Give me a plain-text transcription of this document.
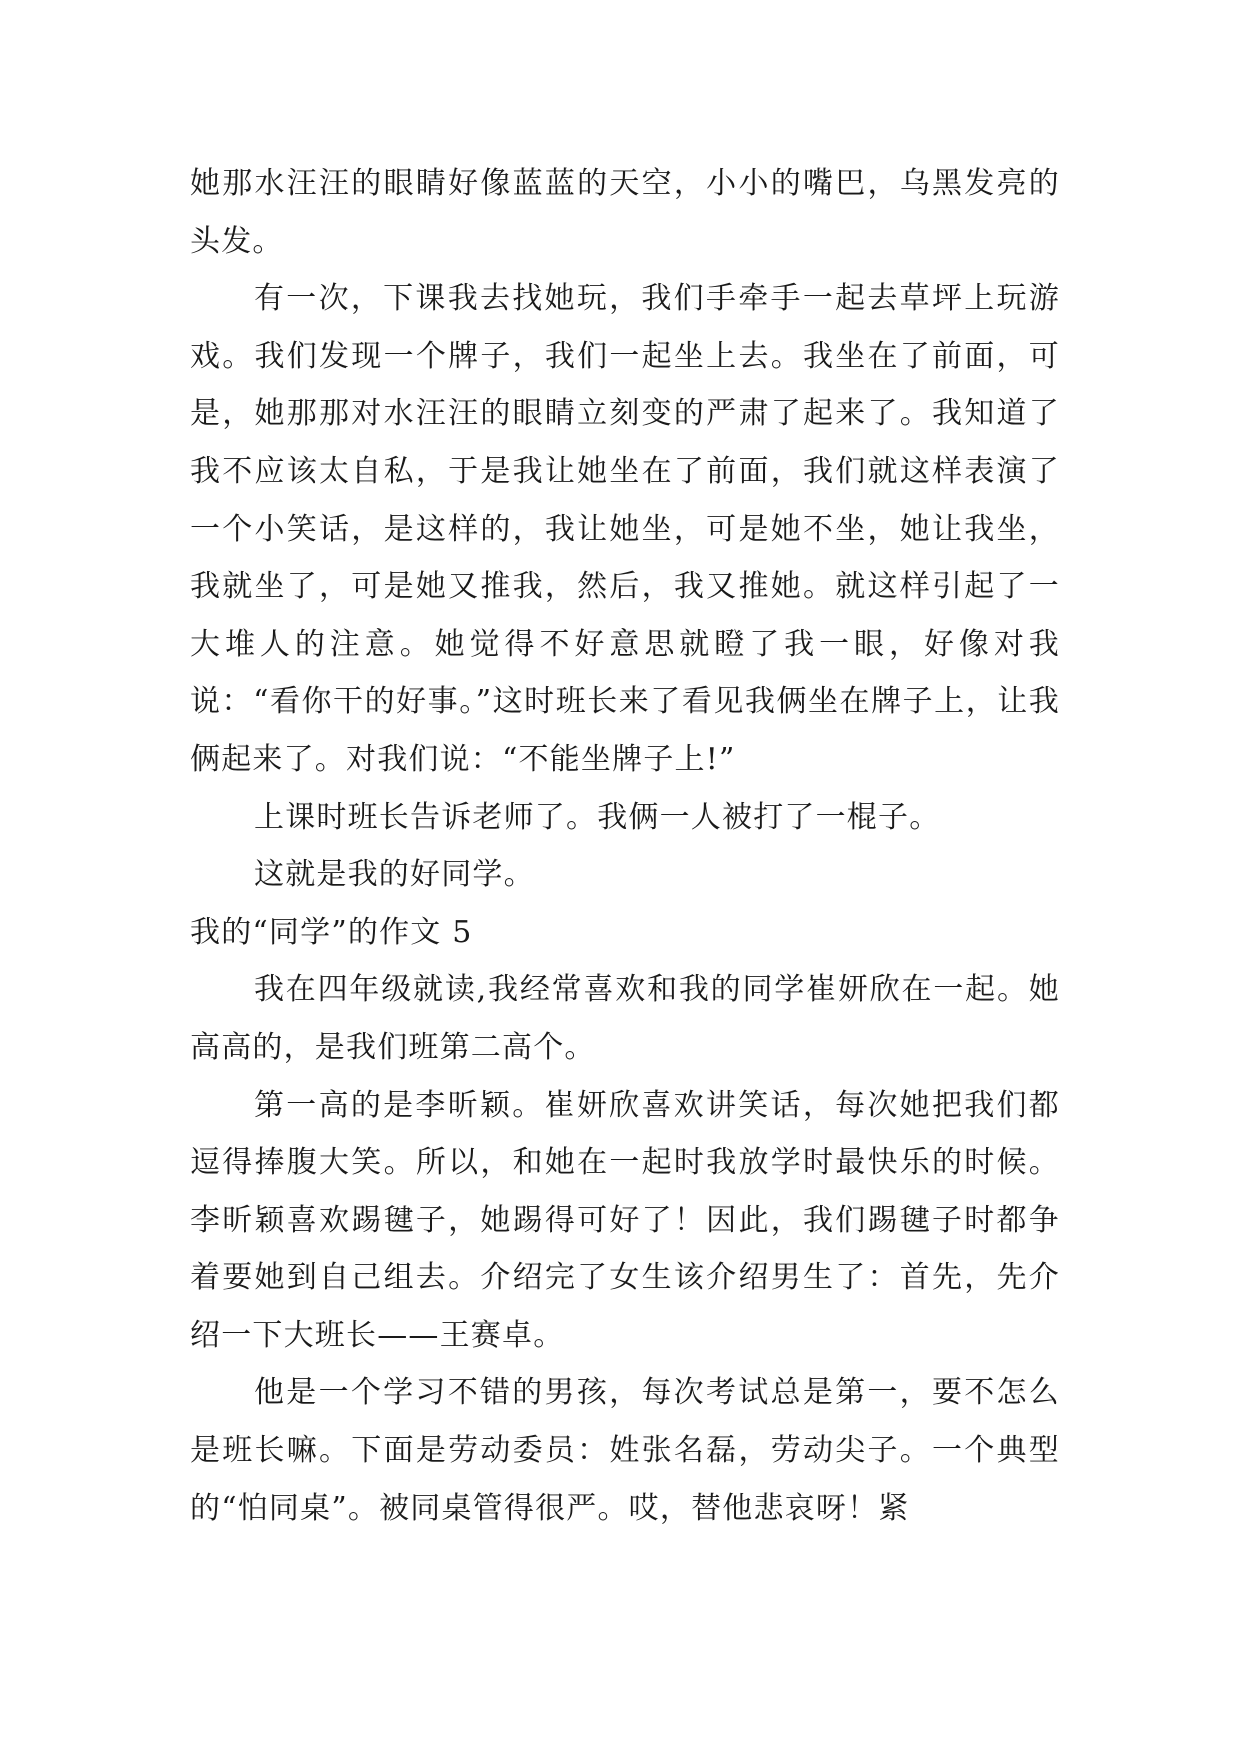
她那水汪汪的眼睛好像蓝蓝的天空，小小的嘴巴，乌黑发亮的头发。

有一次，下课我去找她玩，我们手牵手一起去草坪上玩游戏。我们发现一个牌子，我们一起坐上去。我坐在了前面，可是，她那那对水汪汪的眼睛立刻变的严肃了起来了。我知道了我不应该太自私，于是我让她坐在了前面，我们就这样表演了一个小笑话，是这样的，我让她坐，可是她不坐，她让我坐，我就坐了，可是她又推我，然后，我又推她。就这样引起了一大堆人的注意。她觉得不好意思就瞪了我一眼，好像对我说：“看你干的好事。”这时班长来了看见我俩坐在牌子上，让我俩起来了。对我们说：“不能坐牌子上!”

上课时班长告诉老师了。我俩一人被打了一棍子。

这就是我的好同学。

我的“同学”的作文 5

我在四年级就读,我经常喜欢和我的同学崔妍欣在一起。她高高的，是我们班第二高个。

第一高的是李昕颖。崔妍欣喜欢讲笑话，每次她把我们都逗得捧腹大笑。所以，和她在一起时我放学时最快乐的时候。李昕颖喜欢踢毽子，她踢得可好了！因此，我们踢毽子时都争着要她到自己组去。介绍完了女生该介绍男生了：首先，先介绍一下大班长——王赛卓。

他是一个学习不错的男孩，每次考试总是第一，要不怎么是班长嘛。下面是劳动委员：姓张名磊，劳动尖子。一个典型的“怕同桌”。被同桌管得很严。哎，替他悲哀呀！紧
